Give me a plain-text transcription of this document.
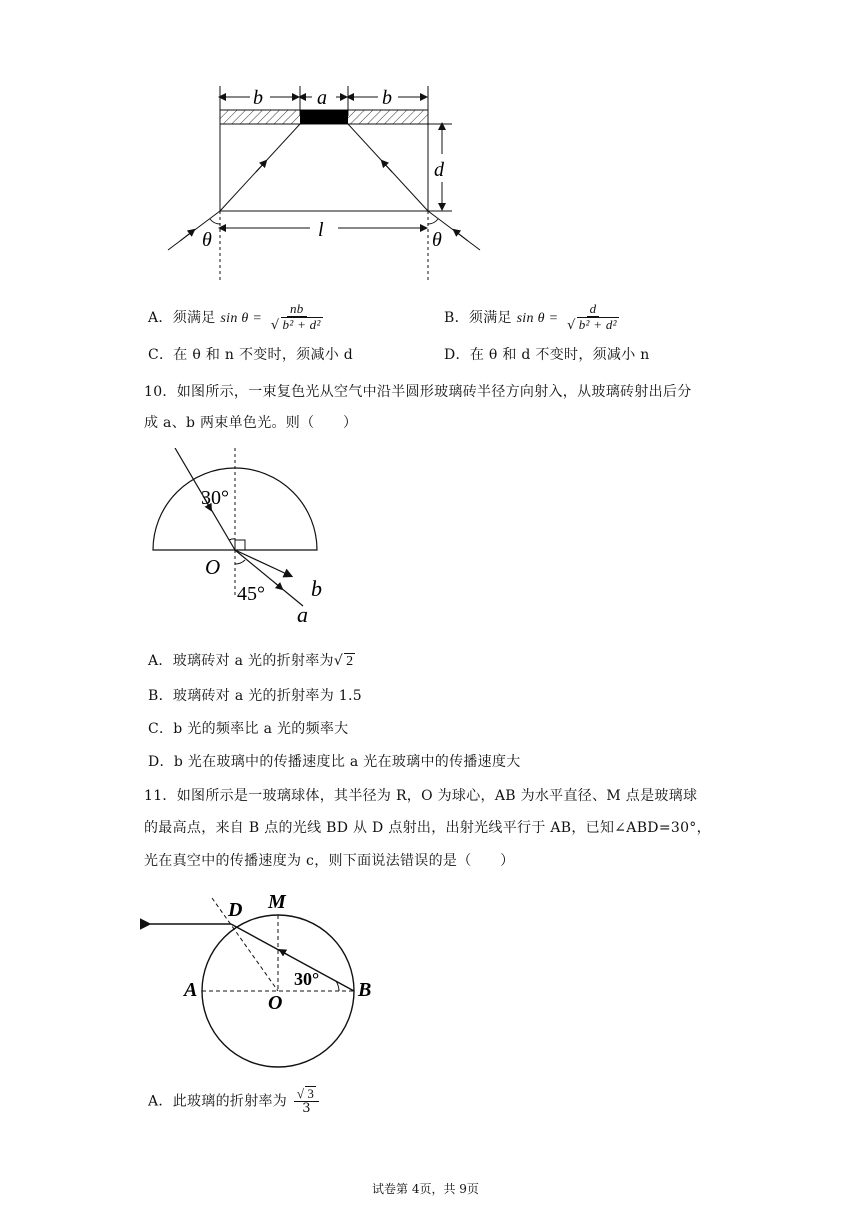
b	a	b
d
l
θ	θ
A．须满足 $\sin \theta = \frac{nb}{\text{√ b² + d²}}$	B．须满足 $\sin \theta = \frac{d}{\text{√ b² + d²}}$
C．在 θ 和 n 不变时，须减小 d	D．在 θ 和 d 不变时，须减小 n
10．如图所示，一束复色光从空气中沿半圆形玻璃砖半径方向射入，从玻璃砖射出后分
成 a、b 两束单色光。则（　　）
30°
O
45° b
a
A．玻璃砖对 a 光的折射率为√ 2
B．玻璃砖对 a 光的折射率为 1.5
C．b 光的频率比 a 光的频率大
D．b 光在玻璃中的传播速度比 a 光在玻璃中的传播速度大
11．如图所示是一玻璃球体，其半径为 R，O 为球心，AB 为水平直径、M 点是玻璃球
的最高点，来自 B 点的光线 BD 从 D 点射出，出射光线平行于 AB，已知∠ABD=30°，
光在真空中的传播速度为 c，则下面说法错误的是（　　）
D M
A
O
B
30°
A．此玻璃的折射率为 $\frac{√ 3}{3}$
试卷第 4页，共 9页
